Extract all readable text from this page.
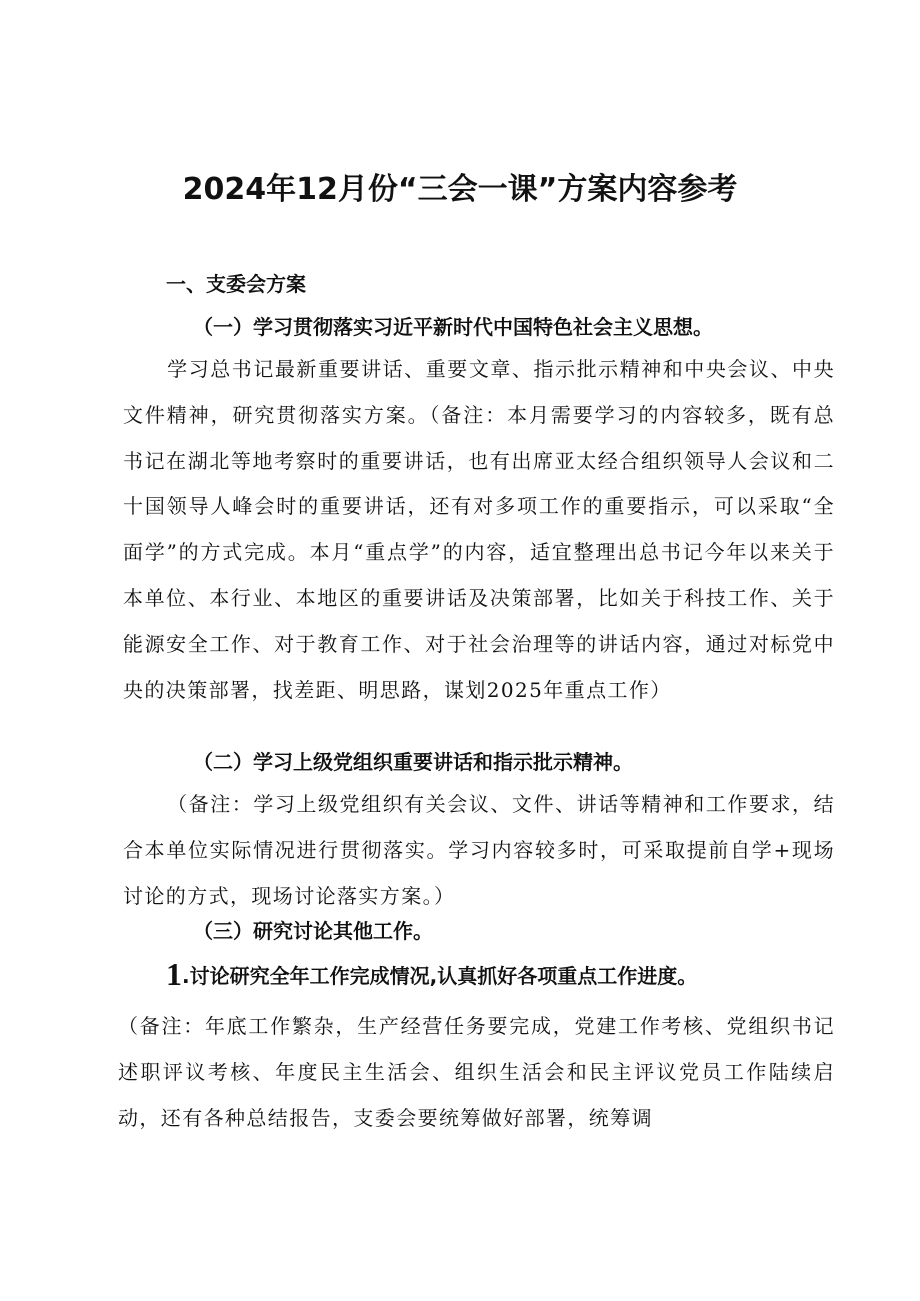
2024年12月份“三会一课”方案内容参考
一、支委会方案
（一）学习贯彻落实习近平新时代中国特色社会主义思想。
学习总书记最新重要讲话、重要文章、指示批示精神和中央会议、中央文件精神，研究贯彻落实方案。（备注：本月需要学习的内容较多，既有总书记在湖北等地考察时的重要讲话，也有出席亚太经合组织领导人会议和二十国领导人峰会时的重要讲话，还有对多项工作的重要指示，可以采取“全面学”的方式完成。本月“重点学”的内容，适宜整理出总书记今年以来关于本单位、本行业、本地区的重要讲话及决策部署，比如关于科技工作、关于能源安全工作、对于教育工作、对于社会治理等的讲话内容，通过对标党中央的决策部署，找差距、明思路，谋划2025年重点工作）
（二）学习上级党组织重要讲话和指示批示精神。
（备注：学习上级党组织有关会议、文件、讲话等精神和工作要求，结合本单位实际情况进行贯彻落实。学习内容较多时，可采取提前自学+现场讨论的方式，现场讨论落实方案。）
（三）研究讨论其他工作。
1.讨论研究全年工作完成情况,认真抓好各项重点工作进度。
（备注：年底工作繁杂，生产经营任务要完成，党建工作考核、党组织书记述职评议考核、年度民主生活会、组织生活会和民主评议党员工作陆续启动，还有各种总结报告，支委会要统筹做好部署，统筹调
